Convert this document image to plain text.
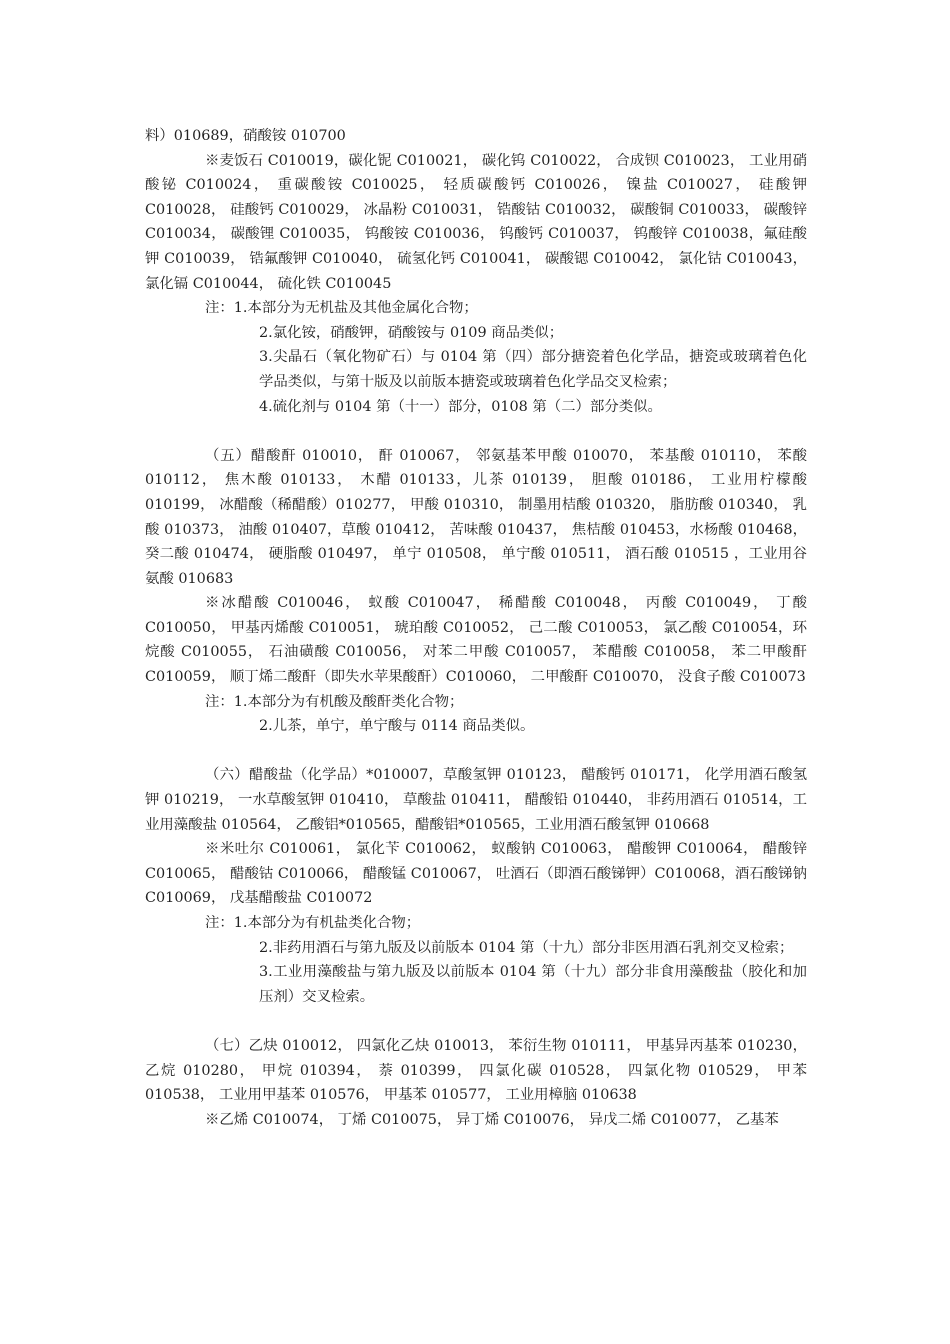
料）010689，硝酸铵 010700

※麦饭石 C010019，碳化铌 C010021， 碳化钨 C010022， 合成钡 C010023， 工业用硝酸铋 C010024， 重碳酸铵 C010025， 轻质碳酸钙 C010026， 镍盐 C010027， 硅酸钾 C010028， 硅酸钙 C010029， 冰晶粉 C010031， 锆酸钴 C010032， 碳酸铜 C010033， 碳酸锌 C010034， 碳酸锂 C010035， 钨酸铵 C010036， 钨酸钙 C010037， 钨酸锌 C010038，氟硅酸钾 C010039， 锆氟酸钾 C010040， 硫氢化钙 C010041， 碳酸锶 C010042， 氯化钴 C010043， 氯化镉 C010044， 硫化铁 C010045

注：1.本部分为无机盐及其他金属化合物；

2.氯化铵，硝酸钾，硝酸铵与 0109 商品类似；

3.尖晶石（氧化物矿石）与 0104 第（四）部分搪瓷着色化学品，搪瓷或玻璃着色化学品类似，与第十版及以前版本搪瓷或玻璃着色化学品交叉检索；

4.硫化剂与 0104 第（十一）部分，0108 第（二）部分类似。

（五）醋酸酐 010010， 酐 010067， 邻氨基苯甲酸 010070， 苯基酸 010110， 苯酸 010112， 焦木酸 010133， 木醋 010133，儿茶 010139， 胆酸 010186， 工业用柠檬酸 010199， 冰醋酸（稀醋酸）010277， 甲酸 010310， 制墨用桔酸 010320， 脂肪酸 010340， 乳酸 010373， 油酸 010407，草酸 010412， 苦味酸 010437， 焦桔酸 010453，水杨酸 010468， 癸二酸 010474， 硬脂酸 010497， 单宁 010508， 单宁酸 010511， 酒石酸 010515 ，工业用谷氨酸 010683

※冰醋酸 C010046， 蚁酸 C010047， 稀醋酸 C010048， 丙酸 C010049， 丁酸 C010050， 甲基丙烯酸 C010051， 琥珀酸 C010052， 己二酸 C010053， 氯乙酸 C010054，环烷酸 C010055， 石油磺酸 C010056， 对苯二甲酸 C010057， 苯醋酸 C010058， 苯二甲酸酐 C010059， 顺丁烯二酸酐（即失水苹果酸酐）C010060， 二甲酸酐 C010070， 没食子酸 C010073

注：1.本部分为有机酸及酸酐类化合物；

2.儿茶，单宁，单宁酸与 0114 商品类似。

（六）醋酸盐（化学品）*010007，草酸氢钾 010123， 醋酸钙 010171， 化学用酒石酸氢钾 010219， 一水草酸氢钾 010410， 草酸盐 010411， 醋酸铅 010440， 非药用酒石 010514，工业用藻酸盐 010564， 乙酸铝*010565，醋酸铝*010565，工业用酒石酸氢钾 010668

※米吐尔 C010061， 氯化苄 C010062， 蚁酸钠 C010063， 醋酸钾 C010064， 醋酸锌 C010065， 醋酸钴 C010066， 醋酸锰 C010067， 吐酒石（即酒石酸锑钾）C010068，酒石酸锑钠 C010069， 戊基醋酸盐 C010072

注：1.本部分为有机盐类化合物；

2.非药用酒石与第九版及以前版本 0104 第（十九）部分非医用酒石乳剂交叉检索；

3.工业用藻酸盐与第九版及以前版本 0104 第（十九）部分非食用藻酸盐（胶化和加压剂）交叉检索。

（七）乙炔 010012， 四氯化乙炔 010013， 苯衍生物 010111， 甲基异丙基苯 010230， 乙烷 010280， 甲烷 010394， 萘 010399， 四氯化碳 010528， 四氯化物 010529， 甲苯 010538， 工业用甲基苯 010576， 甲基苯 010577， 工业用樟脑 010638

※乙烯 C010074， 丁烯 C010075， 异丁烯 C010076， 异戊二烯 C010077， 乙基苯
